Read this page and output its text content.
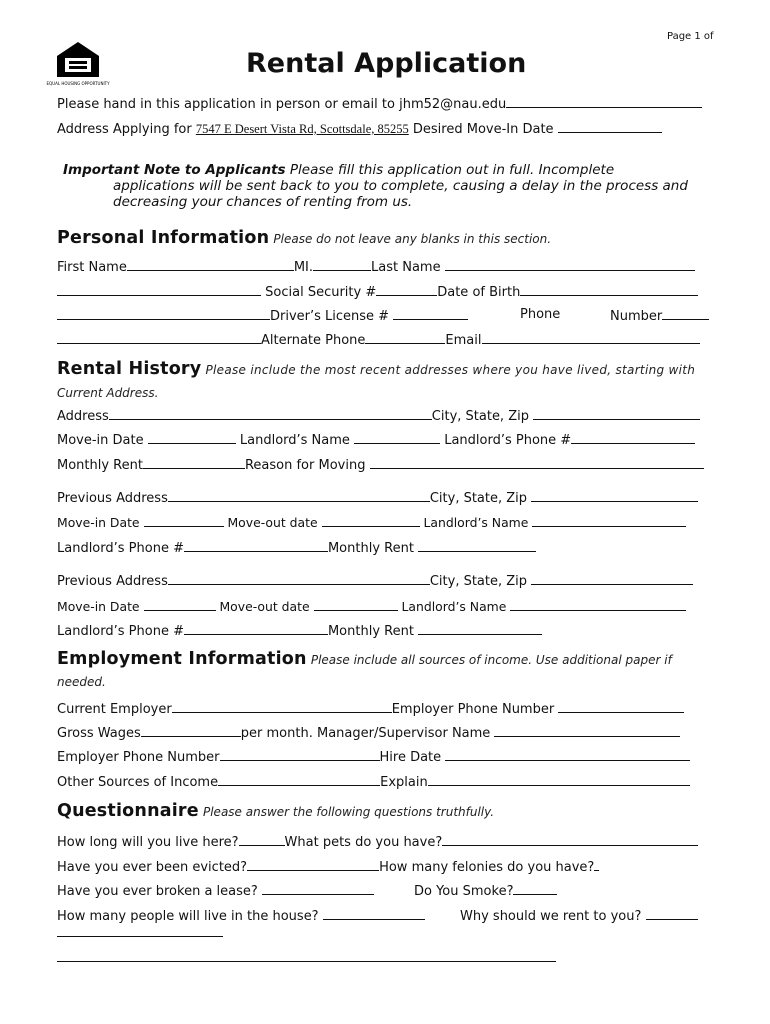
Page 1 of
EQUAL HOUSING OPPORTUNITY
Rental Application
Please hand in this application in person or email to jhm52@nau.edu
Address Applying for 7547 E Desert Vista Rd, Scottsdale, 85255 Desired Move-In Date
Important Note to Applicants Please fill this application out in full. Incomplete
applications will be sent back to you to complete, causing a delay in the process and
decreasing your chances of renting from us.
Personal Information Please do not leave any blanks in this section.
First Name	MI.	Last Name
Social Security #	Date of Birth
Driver’s License #	Phone	Number
Alternate Phone	Email
Rental History Please include the most recent addresses where you have lived, starting with
Current Address.
Address	City, State, Zip
Move-in Date	Landlord’s Name	Landlord’s Phone #
Monthly Rent	Reason for Moving
Previous Address	City, State, Zip
Move-in Date	Move-out date	Landlord’s Name
Landlord’s Phone #	Monthly Rent
Previous Address	City, State, Zip
Move-in Date	Move-out date	Landlord’s Name
Landlord’s Phone #	Monthly Rent
Employment Information Please include all sources of income. Use additional paper if
needed.
Current Employer	Employer Phone Number
Gross Wages	per month. Manager/Supervisor Name
Employer Phone Number	Hire Date
Other Sources of Income	Explain
Questionnaire Please answer the following questions truthfully.
How long will you live here?	What pets do you have?
Have you ever been evicted?	How many felonies do you have?
Have you ever broken a lease?	Do You Smoke?
How many people will live in the house?	Why should we rent to you?
